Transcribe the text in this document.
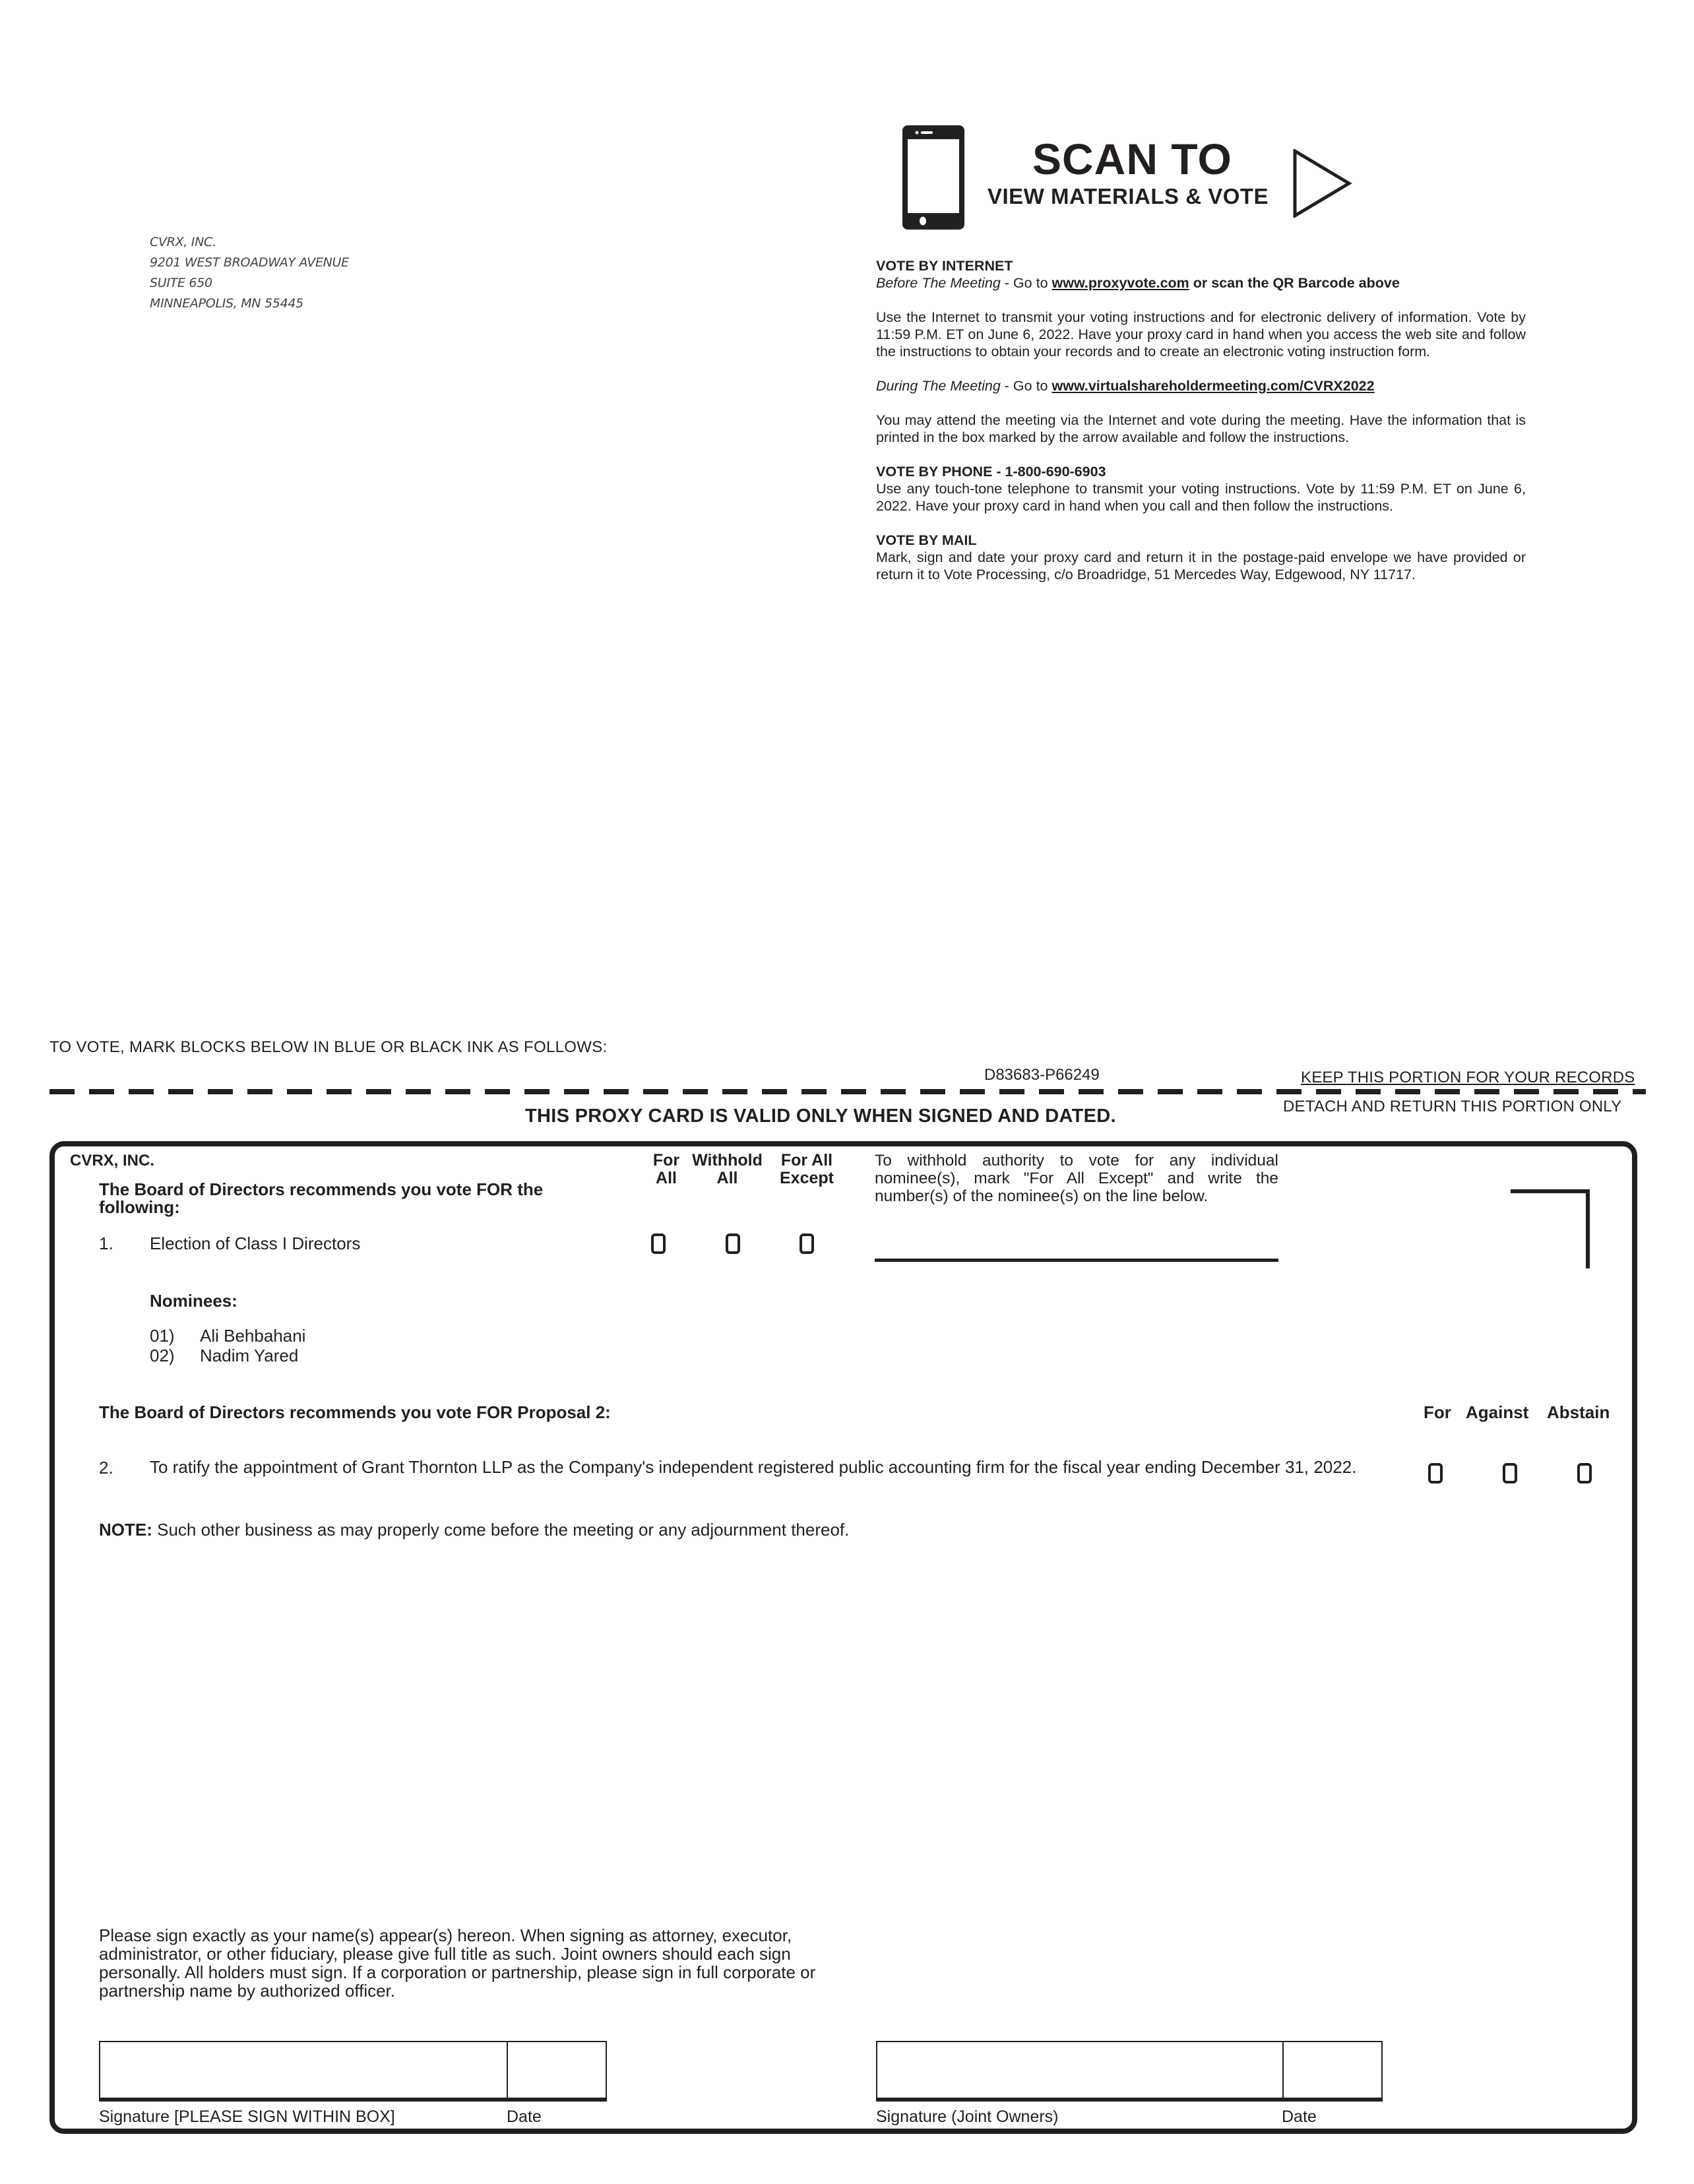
CVRX, INC.
9201 WEST BROADWAY AVENUE
SUITE 650
MINNEAPOLIS, MN 55445
SCAN TO
VIEW MATERIALS & VOTE

VOTE BY INTERNET

Before The Meeting - Go to www.proxyvote.com or scan the QR Barcode above

Use the Internet to transmit your voting instructions and for electronic delivery of information. Vote by 11:59 P.M. ET on June 6, 2022. Have your proxy card in hand when you access the web site and follow the instructions to obtain your records and to create an electronic voting instruction form.

During The Meeting - Go to www.virtualshareholdermeeting.com/CVRX2022

You may attend the meeting via the Internet and vote during the meeting. Have the information that is printed in the box marked by the arrow available and follow the instructions.

VOTE BY PHONE - 1-800-690-6903

Use any touch-tone telephone to transmit your voting instructions. Vote by 11:59 P.M. ET on June 6, 2022. Have your proxy card in hand when you call and then follow the instructions.

VOTE BY MAIL

Mark, sign and date your proxy card and return it in the postage-paid envelope we have provided or return it to Vote Processing, c/o Broadridge, 51 Mercedes Way, Edgewood, NY 11717.

TO VOTE, MARK BLOCKS BELOW IN BLUE OR BLACK INK AS FOLLOWS:
D83683-P66249	KEEP THIS PORTION FOR YOUR RECORDS
DETACH AND RETURN THIS PORTION ONLY
THIS PROXY CARD IS VALID ONLY WHEN SIGNED AND DATED.
CVRX, INC.
The Board of Directors recommends you vote FOR the following:
For
All
Withhold
All
For All
Except
1. Election of Class I Directors
To withhold authority to vote for any individual nominee(s), mark "For All Except" and write the number(s) of the nominee(s) on the line below.
Nominees:
01) Ali Behbahani
02) Nadim Yared
The Board of Directors recommends you vote FOR Proposal 2:	For Against Abstain
2. To ratify the appointment of Grant Thornton LLP as the Company's independent registered public accounting firm for the fiscal year ending December 31, 2022.
NOTE: Such other business as may properly come before the meeting or any adjournment thereof.
Please sign exactly as your name(s) appear(s) hereon. When signing as attorney, executor, administrator, or other fiduciary, please give full title as such. Joint owners should each sign personally. All holders must sign. If a corporation or partnership, please sign in full corporate or partnership name by authorized officer.
Signature [PLEASE SIGN WITHIN BOX]	Date	Signature (Joint Owners)	Date
